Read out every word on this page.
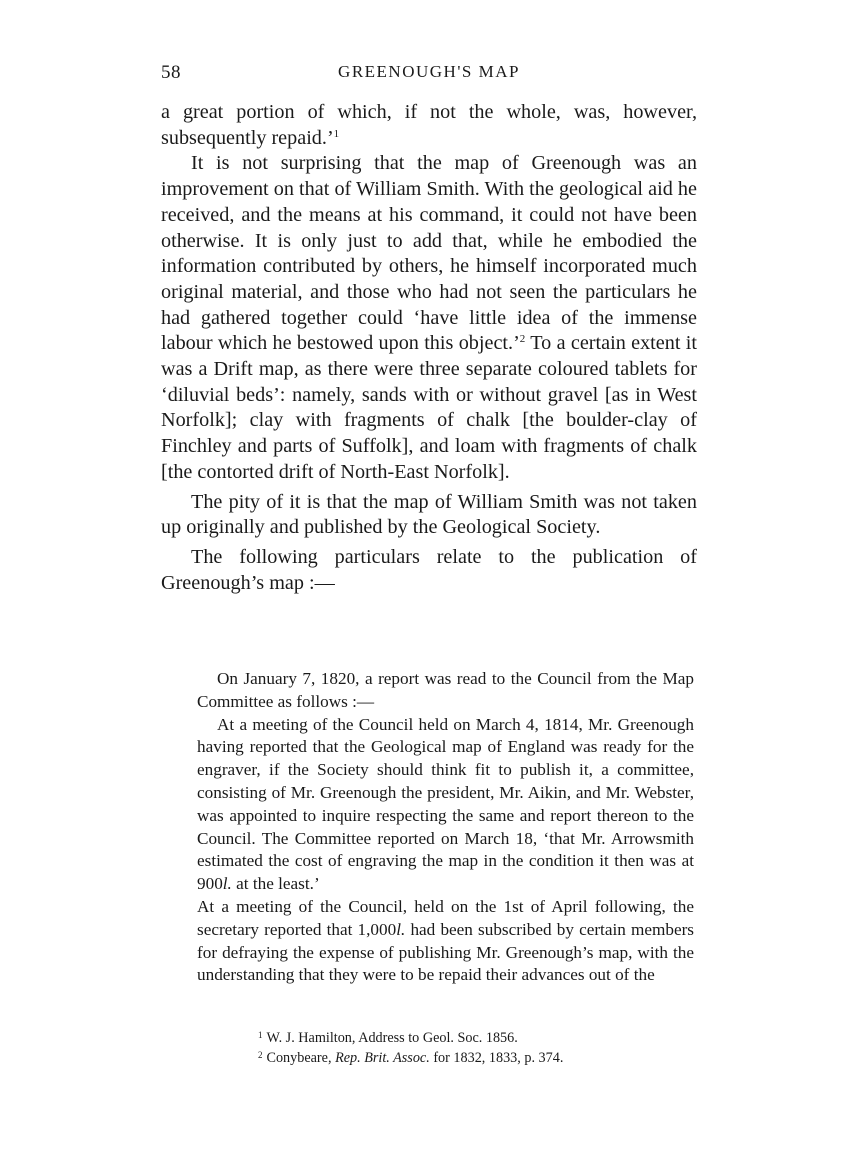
58	GREENOUGH'S MAP

a great portion of which, if not the whole, was, however, subsequently repaid.’$^1$

It is not surprising that the map of Greenough was an improvement on that of William Smith. With the geological aid he received, and the means at his command, it could not have been otherwise. It is only just to add that, while he embodied the information contributed by others, he himself incorporated much original material, and those who had not seen the particulars he had gathered together could ‘have little idea of the immense labour which he bestowed upon this object.’$^2$ To a certain extent it was a Drift map, as there were three separate coloured tablets for ‘diluvial beds’: namely, sands with or without gravel [as in West Norfolk]; clay with fragments of chalk [the boulder-clay of Finchley and parts of Suffolk], and loam with fragments of chalk [the contorted drift of North-East Norfolk].

The pity of it is that the map of William Smith was not taken up originally and published by the Geological Society.

The following particulars relate to the publication of Greenough’s map :—

On January 7, 1820, a report was read to the Council from the Map Committee as follows :—

At a meeting of the Council held on March 4, 1814, Mr. Greenough having reported that the Geological map of England was ready for the engraver, if the Society should think fit to publish it, a committee, consisting of Mr. Greenough the president, Mr. Aikin, and Mr. Webster, was appointed to inquire respecting the same and report thereon to the Council. The Committee reported on March 18, ‘that Mr. Arrowsmith estimated the cost of engraving the map in the condition it then was at 900l. at the least.’

At a meeting of the Council, held on the 1st of April following, the secretary reported that 1,000l. had been subscribed by certain members for defraying the expense of publishing Mr. Greenough’s map, with the understanding that they were to be repaid their advances out of the

$^1$ W. J. Hamilton, Address to Geol. Soc. 1856.

$^2$ Conybeare, Rep. Brit. Assoc. for 1832, 1833, p. 374.
